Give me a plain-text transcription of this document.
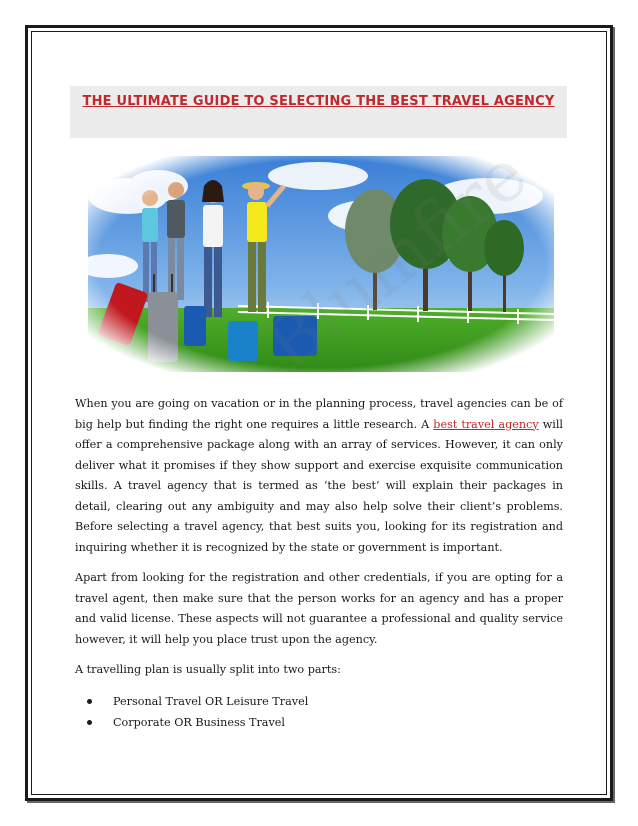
THE ULTIMATE GUIDE TO SELECTING THE BEST TRAVEL AGENCY

When you are going on vacation or in the planning process, travel agencies can be of big help but finding the right one requires a little research. A best travel agency will offer a comprehensive package along with an array of services. However, it can only deliver what it promises if they show support and exercise exquisite communication skills. A travel agency that is termed as ‘the best’ will explain their packages in detail, clearing out any ambiguity and may also help solve their client’s problems. Before selecting a travel agency, that best suits you, looking for its registration and inquiring whether it is recognized by the state or government is important.

Apart from looking for the registration and other credentials, if you are opting for a travel agent, then make sure that the person works for an agency and has a proper and valid license. These aspects will not guarantee a professional and quality service however, it will help you place trust upon the agency.

A travelling plan is usually split into two parts:

Personal Travel OR Leisure Travel
Corporate OR Business Travel
